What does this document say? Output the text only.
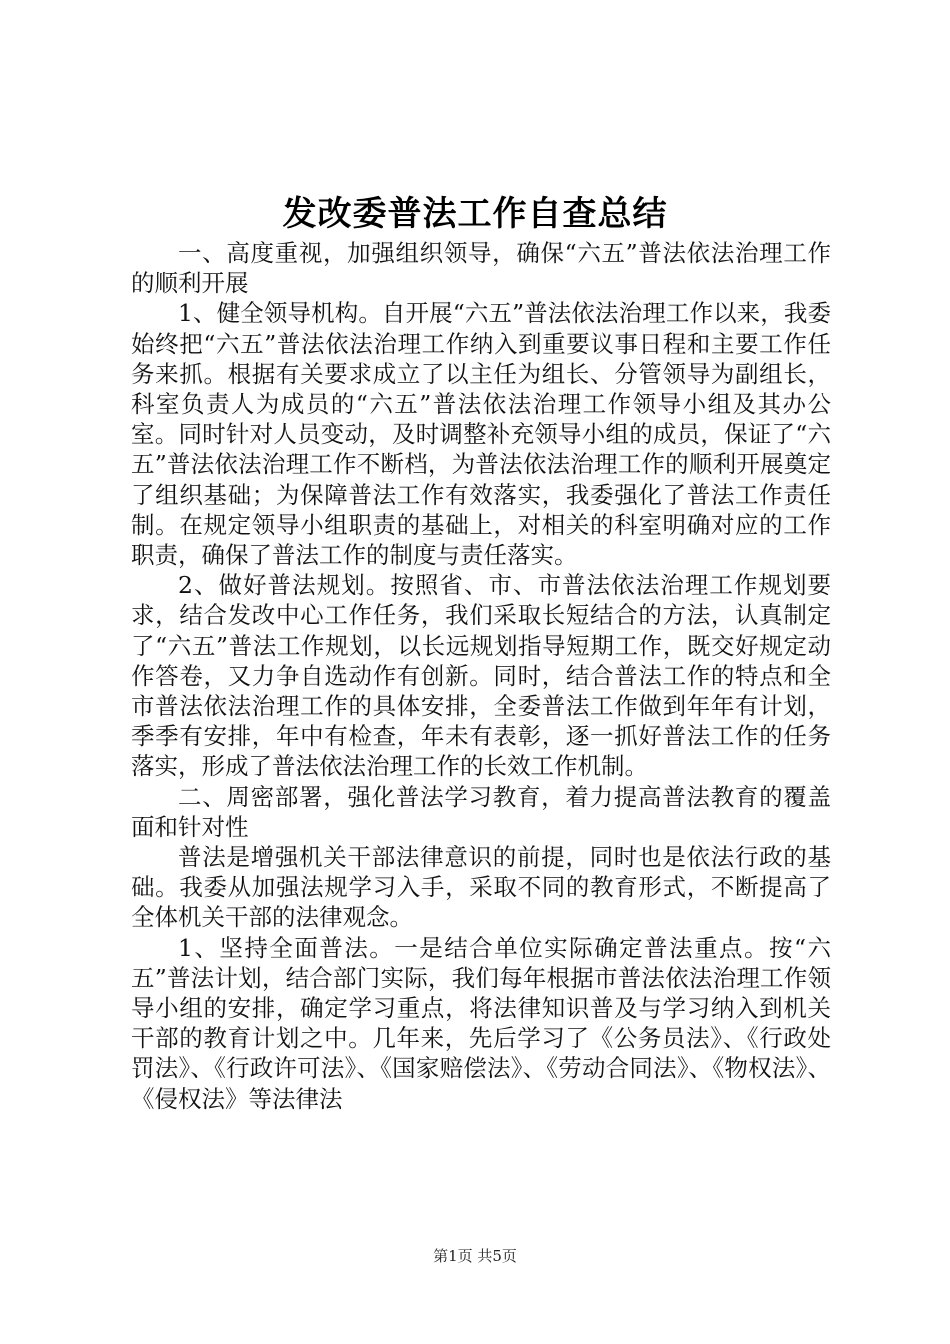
发改委普法工作自查总结

一、高度重视，加强组织领导，确保“六五”普法依法治理工作的顺利开展

1、健全领导机构。自开展“六五”普法依法治理工作以来，我委始终把“六五”普法依法治理工作纳入到重要议事日程和主要工作任务来抓。根据有关要求成立了以主任为组长、分管领导为副组长，科室负责人为成员的“六五”普法依法治理工作领导小组及其办公室。同时针对人员变动，及时调整补充领导小组的成员，保证了“六五”普法依法治理工作不断档，为普法依法治理工作的顺利开展奠定了组织基础；为保障普法工作有效落实，我委强化了普法工作责任制。在规定领导小组职责的基础上，对相关的科室明确对应的工作职责，确保了普法工作的制度与责任落实。

2、做好普法规划。按照省、市、市普法依法治理工作规划要求，结合发改中心工作任务，我们采取长短结合的方法，认真制定了“六五”普法工作规划，以长远规划指导短期工作，既交好规定动作答卷，又力争自选动作有创新。同时，结合普法工作的特点和全市普法依法治理工作的具体安排，全委普法工作做到年年有计划，季季有安排，年中有检查，年未有表彰，逐一抓好普法工作的任务落实，形成了普法依法治理工作的长效工作机制。

二、周密部署，强化普法学习教育，着力提高普法教育的覆盖面和针对性

普法是增强机关干部法律意识的前提，同时也是依法行政的基础。我委从加强法规学习入手，采取不同的教育形式，不断提高了全体机关干部的法律观念。

1、坚持全面普法。一是结合单位实际确定普法重点。按“六五”普法计划，结合部门实际，我们每年根据市普法依法治理工作领导小组的安排，确定学习重点，将法律知识普及与学习纳入到机关干部的教育计划之中。几年来，先后学习了《公务员法》、《行政处罚法》、《行政许可法》、《国家赔偿法》、《劳动合同法》、《物权法》、《侵权法》等法律法

第1页 共5页
